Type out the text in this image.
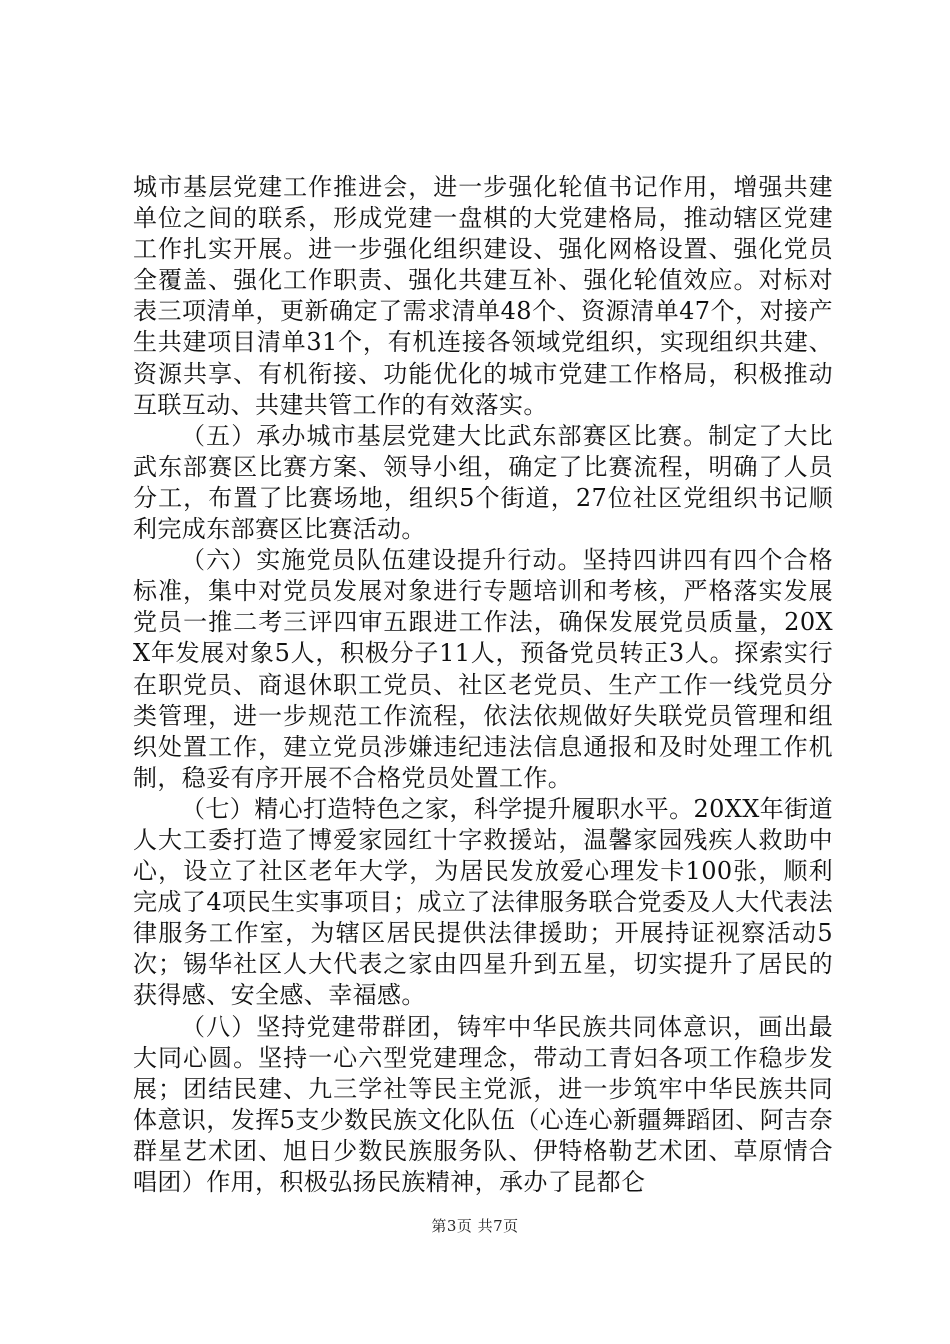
城市基层党建工作推进会，进一步强化轮值书记作用，增强共建单位之间的联系，形成党建一盘棋的大党建格局，推动辖区党建工作扎实开展。进一步强化组织建设、强化网格设置、强化党员全覆盖、强化工作职责、强化共建互补、强化轮值效应。对标对表三项清单，更新确定了需求清单48个、资源清单47个，对接产生共建项目清单31个，有机连接各领域党组织，实现组织共建、资源共享、有机衔接、功能优化的城市党建工作格局，积极推动互联互动、共建共管工作的有效落实。

（五）承办城市基层党建大比武东部赛区比赛。制定了大比武东部赛区比赛方案、领导小组，确定了比赛流程，明确了人员分工，布置了比赛场地，组织5个街道，27位社区党组织书记顺利完成东部赛区比赛活动。

（六）实施党员队伍建设提升行动。坚持四讲四有四个合格标准，集中对党员发展对象进行专题培训和考核，严格落实发展党员一推二考三评四审五跟进工作法，确保发展党员质量，20XX年发展对象5人，积极分子11人，预备党员转正3人。探索实行在职党员、商退休职工党员、社区老党员、生产工作一线党员分类管理，进一步规范工作流程，依法依规做好失联党员管理和组织处置工作，建立党员涉嫌违纪违法信息通报和及时处理工作机制，稳妥有序开展不合格党员处置工作。

（七）精心打造特色之家，科学提升履职水平。20XX年街道人大工委打造了博爱家园红十字救援站，温馨家园残疾人救助中心，设立了社区老年大学，为居民发放爱心理发卡100张，顺利完成了4项民生实事项目；成立了法律服务联合党委及人大代表法律服务工作室，为辖区居民提供法律援助；开展持证视察活动5次；锡华社区人大代表之家由四星升到五星，切实提升了居民的获得感、安全感、幸福感。

（八）坚持党建带群团，铸牢中华民族共同体意识，画出最大同心圆。坚持一心六型党建理念，带动工青妇各项工作稳步发展；团结民建、九三学社等民主党派，进一步筑牢中华民族共同体意识，发挥5支少数民族文化队伍（心连心新疆舞蹈团、阿吉奈群星艺术团、旭日少数民族服务队、伊特格勒艺术团、草原情合唱团）作用，积极弘扬民族精神，承办了昆都仑

第3页 共7页
